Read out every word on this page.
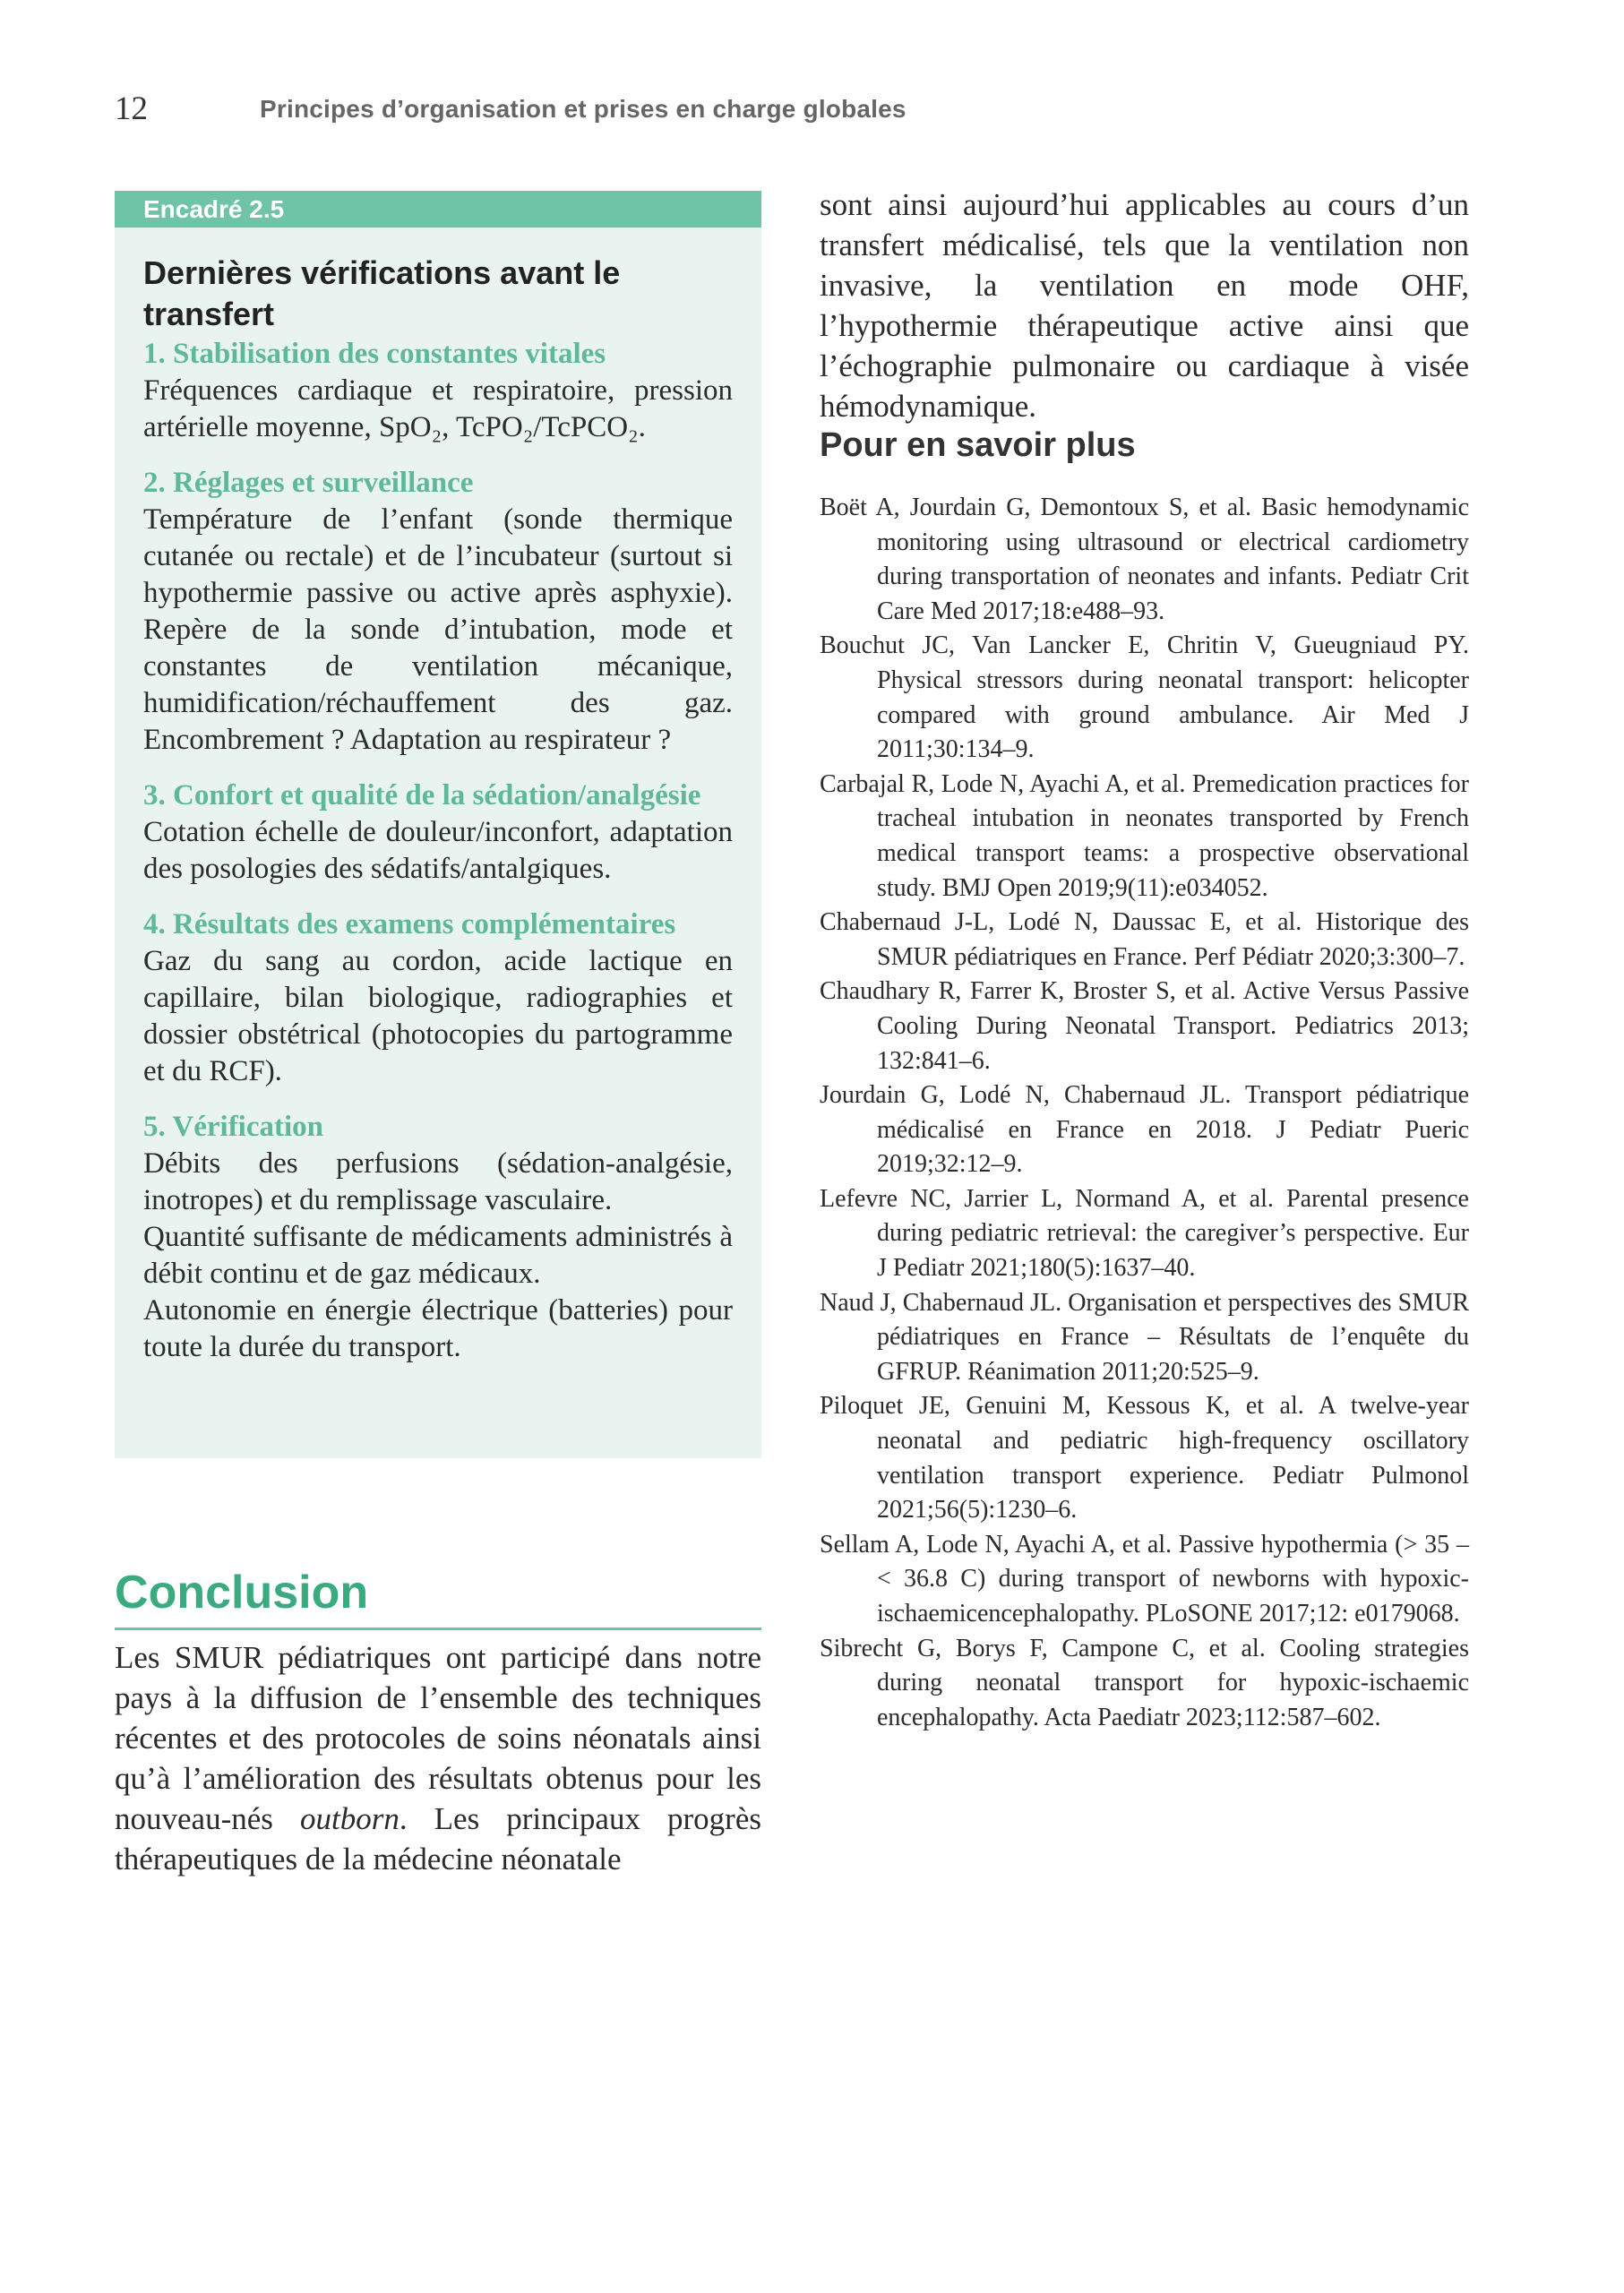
12	Principes d’organisation et prises en charge globales
Encadré 2.5
Dernières vérifications avant le transfert
1. Stabilisation des constantes vitales

Fréquences cardiaque et respiratoire, pression artérielle moyenne, SpO₂, TcPO₂/TcPCO₂.

2. Réglages et surveillance

Température de l’enfant (sonde thermique cutanée ou rectale) et de l’incubateur (surtout si hypothermie passive ou active après asphyxie). Repère de la sonde d’intubation, mode et constantes de ventilation mécanique, humidification/réchauffement des gaz. Encombrement ? Adaptation au respirateur ?

3. Confort et qualité de la sédation/analgésie

Cotation échelle de douleur/inconfort, adaptation des posologies des sédatifs/antalgiques.

4. Résultats des examens complémentaires

Gaz du sang au cordon, acide lactique en capillaire, bilan biologique, radiographies et dossier obstétrical (photocopies du partogramme et du RCF).

5. Vérification

Débits des perfusions (sédation-analgésie, inotropes) et du remplissage vasculaire.

Quantité suffisante de médicaments administrés à débit continu et de gaz médicaux.

Autonomie en énergie électrique (batteries) pour toute la durée du transport.

Conclusion

Les SMUR pédiatriques ont participé dans notre pays à la diffusion de l’ensemble des techniques récentes et des protocoles de soins néonatals ainsi qu’à l’amélioration des résultats obtenus pour les nouveau-nés outborn. Les principaux progrès thérapeutiques de la médecine néonatale

sont ainsi aujourd’hui applicables au cours d’un transfert médicalisé, tels que la ventilation non invasive, la ventilation en mode OHF, l’hypothermie thérapeutique active ainsi que l’échographie pulmonaire ou cardiaque à visée hémodynamique.

Pour en savoir plus
Boët A, Jourdain G, Demontoux S, et al. Basic hemodynamic monitoring using ultrasound or electrical cardiometry during transportation of neonates and infants. Pediatr Crit Care Med 2017;18:e488–93.
Bouchut JC, Van Lancker E, Chritin V, Gueugniaud PY. Physical stressors during neonatal transport: helicopter compared with ground ambulance. Air Med J 2011;30:134–9.
Carbajal R, Lode N, Ayachi A, et al. Premedication practices for tracheal intubation in neonates transported by French medical transport teams: a prospective observational study. BMJ Open 2019;9(11):e034052.
Chabernaud J-L, Lodé N, Daussac E, et al. Historique des SMUR pédiatriques en France. Perf Pédiatr 2020;3:300–7.
Chaudhary R, Farrer K, Broster S, et al. Active Versus Passive Cooling During Neonatal Transport. Pediatrics 2013; 132:841–6.
Jourdain G, Lodé N, Chabernaud JL. Transport pédiatrique médicalisé en France en 2018. J Pediatr Pueric 2019;32:12–9.
Lefevre NC, Jarrier L, Normand A, et al. Parental presence during pediatric retrieval: the caregiver’s perspective. Eur J Pediatr 2021;180(5):1637–40.
Naud J, Chabernaud JL. Organisation et perspectives des SMUR pédiatriques en France – Résultats de l’enquête du GFRUP. Réanimation 2011;20:525–9.
Piloquet JE, Genuini M, Kessous K, et al. A twelve-year neonatal and pediatric high-frequency oscillatory ventilation transport experience. Pediatr Pulmonol 2021;56(5):1230–6.
Sellam A, Lode N, Ayachi A, et al. Passive hypothermia (> 35 – < 36.8 C) during transport of newborns with hypoxic-ischaemicencephalopathy. PLoSONE 2017;12: e0179068.
Sibrecht G, Borys F, Campone C, et al. Cooling strategies during neonatal transport for hypoxic-ischaemic encephalopathy. Acta Paediatr 2023;112:587–602.
